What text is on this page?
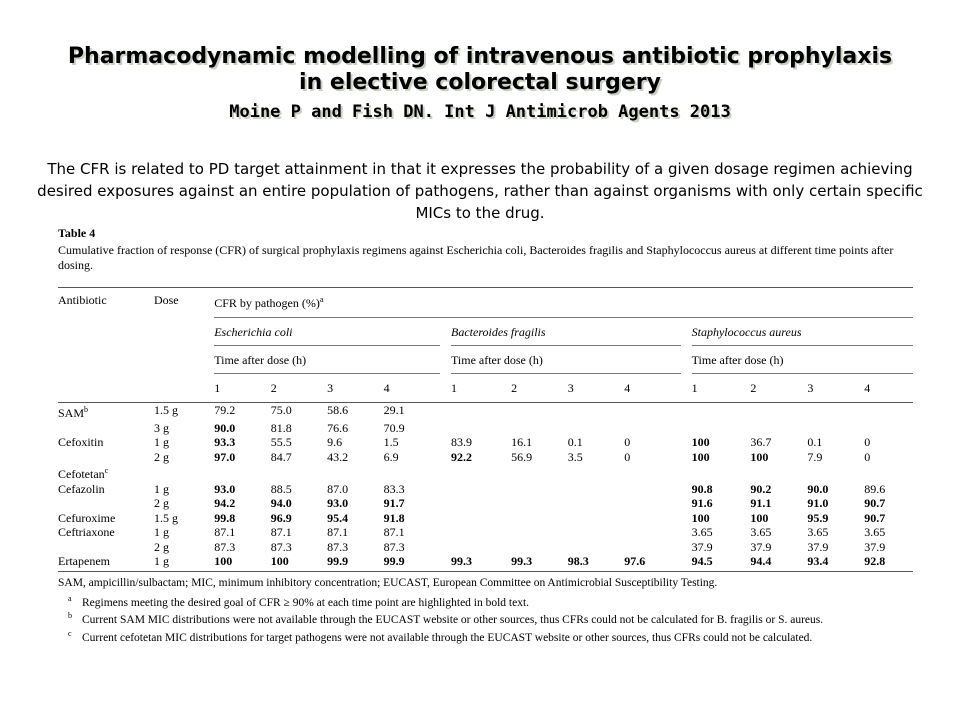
Pharmacodynamic modelling of intravenous antibiotic prophylaxis
in elective colorectal surgery
Moine P and Fish DN. Int J Antimicrob Agents 2013
The CFR is related to PD target attainment in that it expresses the probability of a given dosage regimen achieving desired exposures against an entire population of pathogens, rather than against organisms with only certain specific MICs to the drug.
Table 4
Cumulative fraction of response (CFR) of surgical prophylaxis regimens against Escherichia coli, Bacteroides fragilis and Staphylococcus aureus at different time points after dosing.
Antibiotic	Dose	CFR by pathogen (%)$^a$

		Escherichia coli					Bacteroides fragilis					Staphylococcus aureus			

		Time after dose (h)					Time after dose (h)					Time after dose (h)			

		1	2	3	4		1	2	3	4		1	2	3	4

SAM$^b$	1.5 g	79.2	75.0	58.6	29.1										
	3 g	90.0	81.8	76.6	70.9										
Cefoxitin	1 g	93.3	55.5	9.6	1.5		83.9	16.1	0.1	0		100	36.7	0.1	0
	2 g	97.0	84.7	43.2	6.9		92.2	56.9	3.5	0		100	100	7.9	0
Cefotetan$^c$															
Cefazolin	1 g	93.0	88.5	87.0	83.3							90.8	90.2	90.0	89.6
	2 g	94.2	94.0	93.0	91.7							91.6	91.1	91.0	90.7
Cefuroxime	1.5 g	99.8	96.9	95.4	91.8							100	100	95.9	90.7
Ceftriaxone	1 g	87.1	87.1	87.1	87.1							3.65	3.65	3.65	3.65
	2 g	87.3	87.3	87.3	87.3							37.9	37.9	37.9	37.9
Ertapenem	1 g	100	100	99.9	99.9		99.3	99.3	98.3	97.6		94.5	94.4	93.4	92.8

SAM, ampicillin/sulbactam; MIC, minimum inhibitory concentration; EUCAST, European Committee on Antimicrobial Susceptibility Testing.
a Regimens meeting the desired goal of CFR ≥ 90% at each time point are highlighted in bold text.
b Current SAM MIC distributions were not available through the EUCAST website or other sources, thus CFRs could not be calculated for B. fragilis or S. aureus.
c Current cefotetan MIC distributions for target pathogens were not available through the EUCAST website or other sources, thus CFRs could not be calculated.
